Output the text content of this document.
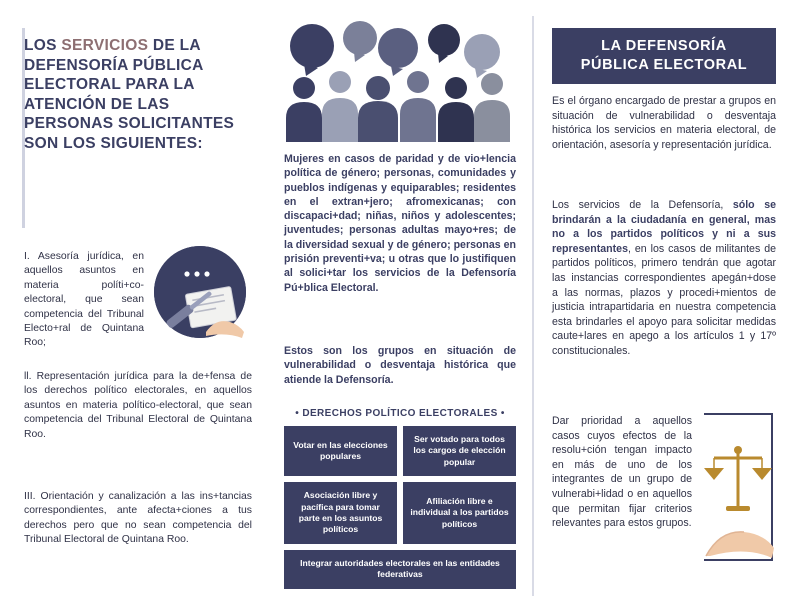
LOS SERVICIOS DE LA DEFENSORÍA PÚBLICA ELECTORAL PARA LA ATENCIÓN DE LAS PERSONAS SOLICITANTES SON LOS SIGUIENTES:
I. Asesoría jurídica, en aquellos asuntos en materia políti+co-electoral, que sean competencia del Tribunal Electo+ral de Quintana Roo;
ll. Representación jurídica para la de+fensa de los derechos político electorales, en aquellos asuntos en materia político-electoral, que sean competencia del Tribunal Electoral de Quintana Roo.
III. Orientación y canalización a las ins+tancias correspondientes, ante afecta+ciones a tus derechos pero que no sean competencia del Tribunal Electoral de Quintana Roo.
Mujeres en casos de paridad y de vio+lencia política de género; personas, comunidades y pueblos indígenas y equiparables; residentes en el extran+jero; afromexicanas; con discapaci+dad; niñas, niños y adolescentes; juventudes; personas adultas mayo+res; de la diversidad sexual y de género; personas en prisión preventi+va; u otras que lo justifiquen al solici+tar los servicios de la Defensoría Pú+blica Electoral.
Estos son los grupos en situación de vulnerabilidad o desventaja histórica que atiende la Defensoría.
• DERECHOS POLÍTICO ELECTORALES •
Votar en las elecciones populares
Ser votado para todos los cargos de elección popular
Asociación libre y pacífica para tomar parte en los asuntos políticos
Afiliación libre e individual a los partidos políticos
Integrar autoridades electorales en las entidades federativas
LA DEFENSORÍA
PÚBLICA ELECTORAL
Es el órgano encargado de prestar a grupos en situación de vulnerabilidad o desventaja histórica los servicios en materia electoral, de orientación, asesoría y representación jurídica.
Los servicios de la Defensoría, sólo se brindarán a la ciudadanía en general, mas no a los partidos políticos y ni a sus representantes, en los casos de militantes de partidos políticos, primero tendrán que agotar las instancias correspondientes apegán+dose a las normas, plazos y procedi+mientos de justicia intrapartidaria en nuestra competencia esta brindarles el apoyo para solicitar medidas caute+lares en apego a los artículos 1 y 17º constitucionales.
Dar prioridad a aquellos casos cuyos efectos de la resolu+ción tengan impacto en más de uno de los integrantes de un grupo de vulnerabi+lidad o en aquellos que permitan fijar criterios relevantes para estos grupos.
